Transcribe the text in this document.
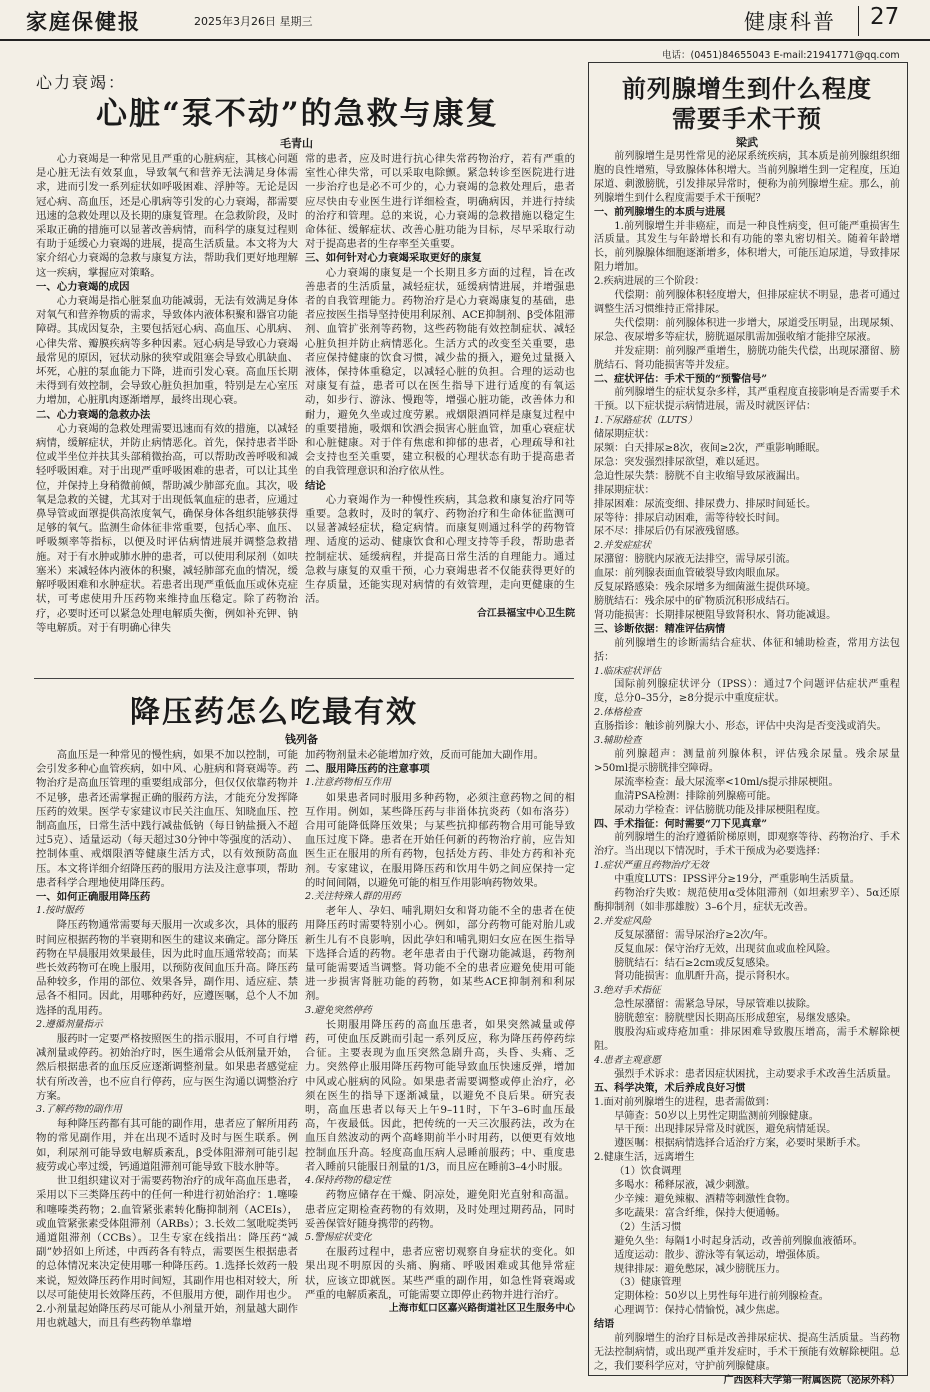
家庭保健报	2025年3月26日 星期三	健康科普 27
电话：(0451)84655043 E-mail:21941771@qq.com
心力衰竭：
心脏“泵不动”的急救与康复
毛青山

心力衰竭是一种常见且严重的心脏病症，其核心问题是心脏无法有效泵血，导致氧气和营养无法满足身体需求，进而引发一系列症状如呼吸困难、浮肿等。无论是因冠心病、高血压，还是心肌病等引发的心力衰竭，都需要迅速的急救处理以及长期的康复管理。在急救阶段，及时采取正确的措施可以显著改善病情，而科学的康复过程则有助于延缓心力衰竭的进展，提高生活质量。本文将为大家介绍心力衰竭的急救与康复方法，帮助我们更好地理解这一疾病，掌握应对策略。

一、心力衰竭的成因

心力衰竭是指心脏泵血功能减弱，无法有效满足身体对氧气和营养物质的需求，导致体内液体积聚和器官功能障碍。其成因复杂，主要包括冠心病、高血压、心肌病、心律失常、瓣膜疾病等多种因素。冠心病是导致心力衰竭最常见的原因，冠状动脉的狭窄或阻塞会导致心肌缺血、坏死，心脏的泵血能力下降，进而引发心衰。高血压长期未得到有效控制，会导致心脏负担加重，特别是左心室压力增加，心脏肌肉逐渐增厚，最终出现心衰。

二、心力衰竭的急救办法

心力衰竭的急救处理需要迅速而有效的措施，以减轻病情，缓解症状，并防止病情恶化。首先，保持患者半卧位或半坐位并扶其头部稍微抬高，可以帮助改善呼吸和减轻呼吸困难。对于出现严重呼吸困难的患者，可以让其坐位，并保持上身稍微前倾，帮助减少肺部充血。其次，吸氧是急救的关键，尤其对于出现低氧血症的患者，应通过鼻导管或面罩提供高浓度氧气，确保身体各组织能够获得足够的氧气。监测生命体征非常重要，包括心率、血压、呼吸频率等指标，以便及时评估病情进展并调整急救措施。对于有水肿或肺水肿的患者，可以使用利尿剂（如呋塞米）来减轻体内液体的积聚，减轻肺部充血的情况，缓解呼吸困难和水肿症状。若患者出现严重低血压或休克症状，可考虑使用升压药物来维持血压稳定。除了药物治疗，必要时还可以紧急处理电解质失衡，例如补充钾、钠等电解质。对于有明确心律失

常的患者，应及时进行抗心律失常药物治疗，若有严重的室性心律失常，可以采取电除颤。紧急转诊至医院进行进一步治疗也是必不可少的，心力衰竭的急救处理后，患者应尽快由专业医生进行详细检查，明确病因，并进行持续的治疗和管理。总的来说，心力衰竭的急救措施以稳定生命体征、缓解症状、改善心脏功能为目标，尽早采取行动对于提高患者的生存率至关重要。

三、如何针对心力衰竭采取更好的康复

心力衰竭的康复是一个长期且多方面的过程，旨在改善患者的生活质量，减轻症状，延缓病情进展，并增强患者的自我管理能力。药物治疗是心力衰竭康复的基础，患者应按医生指导坚持使用利尿剂、ACE抑制剂、β受体阻滞剂、血管扩张剂等药物，这些药物能有效控制症状、减轻心脏负担并防止病情恶化。生活方式的改变至关重要，患者应保持健康的饮食习惯，减少盐的摄入，避免过量摄入液体，保持体重稳定，以减轻心脏的负担。合理的运动也对康复有益，患者可以在医生指导下进行适度的有氧运动，如步行、游泳、慢跑等，增强心脏功能，改善体力和耐力，避免久坐或过度劳累。戒烟限酒同样是康复过程中的重要措施，吸烟和饮酒会损害心脏血管，加重心衰症状和心脏健康。对于伴有焦虑和抑郁的患者，心理疏导和社会支持也至关重要，建立积极的心理状态有助于提高患者的自我管理意识和治疗依从性。

结论

心力衰竭作为一种慢性疾病，其急救和康复治疗同等重要。急救时，及时的氧疗、药物治疗和生命体征监测可以显著减轻症状，稳定病情。而康复则通过科学的药物管理、适度的运动、健康饮食和心理支持等手段，帮助患者控制症状、延缓病程，并提高日常生活的自理能力。通过急救与康复的双重干预，心力衰竭患者不仅能获得更好的生存质量，还能实现对病情的有效管理，走向更健康的生活。

合江县福宝中心卫生院

降压药怎么吃最有效
钱列备

高血压是一种常见的慢性病，如果不加以控制，可能会引发多种心血管疾病，如中风、心脏病和肾衰竭等。药物治疗是高血压管理的重要组成部分，但仅仅依靠药物并不足够，患者还需掌握正确的服药方法，才能充分发挥降压药的效果。医学专家建议市民关注血压、知晓血压、控制高血压，日常生活中践行减盐低钠（每日钠盐摄入不超过5克）、适量运动（每天超过30分钟中等强度的活动）、控制体重、戒烟限酒等健康生活方式，以有效预防高血压。本文将详细介绍降压药的服用方法及注意事项，帮助患者科学合理地使用降压药。

一、如何正确服用降压药

1.按时服药

降压药物通常需要每天服用一次或多次，具体的服药时间应根据药物的半衰期和医生的建议来确定。部分降压药物在早晨服用效果最佳，因为此时血压通常较高；而某些长效药物可在晚上服用，以预防夜间血压升高。降压药品种较多，作用的部位、效果各异，副作用、适应症、禁忌各不相同。因此，用哪种药好，应遵医嘱，总个人不加选择的乱用药。

2.遵循剂量指示

服药时一定要严格按照医生的指示服用，不可自行增减剂量或停药。初始治疗时，医生通常会从低剂量开始，然后根据患者的血压反应逐渐调整剂量。如果患者感觉症状有所改善，也不应自行停药，应与医生沟通以调整治疗方案。

3.了解药物的副作用

每种降压药都有其可能的副作用，患者应了解所用药物的常见副作用，并在出现不适时及时与医生联系。例如，利尿剂可能导致电解质紊乱，β受体阻滞剂可能引起疲劳或心率过缓，钙通道阻滞剂可能导致下肢水肿等。

世卫组织建议对于需要药物治疗的成年高血压患者，采用以下三类降压药中的任何一种进行初始治疗：1.噻嗪和噻嗪类药物；2.血管紧张素转化酶抑制剂（ACEIs），或血管紧张素受体阻滞剂（ARBs）；3.长效二氢吡啶类钙通道阻滞剂（CCBs）。卫生专家在线指出：降压药“减副”妙招如上所述，中西药各有特点，需要医生根据患者的总体情况来决定使用哪一种降压药。1.选择长效药一般来说，短效降压药作用时间短，其副作用也相对较大，所以尽可能使用长效降压药，不但服用方便，副作用也少。2.小剂量起始降压药尽可能从小剂量开始，剂量越大副作用也就越大，而且有些药物单靠增

加药物剂量未必能增加疗效，反而可能加大副作用。

二、服用降压药的注意事项

1.注意药物相互作用

如果患者同时服用多种药物，必须注意药物之间的相互作用。例如，某些降压药与非甾体抗炎药（如布洛芬）合用可能降低降压效果；与某些抗抑郁药物合用可能导致血压过度下降。患者在开始任何新的药物治疗前，应告知医生正在服用的所有药物，包括处方药、非处方药和补充剂。专家建议，在服用降压药和饮用牛奶之间应保持一定的时间间隔，以避免可能的相互作用影响药物效果。

2.关注特殊人群的用药

老年人、孕妇、哺乳期妇女和肾功能不全的患者在使用降压药时需要特别小心。例如，部分药物可能对胎儿或新生儿有不良影响，因此孕妇和哺乳期妇女应在医生指导下选择合适的药物。老年患者由于代谢功能减退，药物剂量可能需要适当调整。肾功能不全的患者应避免使用可能进一步损害肾脏功能的药物，如某些ACE抑制剂和利尿剂。

3.避免突然停药

长期服用降压药的高血压患者，如果突然减量或停药，可使血压反跳而引起一系列反应，称为降压药停药综合征。主要表现为血压突然急剧升高，头昏、头痛、乏力。突然停止服用降压药物可能导致血压快速反弹，增加中风或心脏病的风险。如果患者需要调整或停止治疗，必须在医生的指导下逐渐减量，以避免不良后果。研究表明，高血压患者以每天上午9–11时，下午3–6时血压最高，午夜最低。因此，把传统的一天三次服药法，改为在血压自然波动的两个高峰期前半小时用药，以便更有效地控制血压升高。轻度高血压病人忌睡前服药；中、重度患者入睡前只能服日剂量的1/3，而且应在睡前3–4小时服。

4.保持药物的稳定性

药物应储存在干燥、阴凉处，避免阳光直射和高温。患者应定期检查药物的有效期，及时处理过期药品，同时妥善保管好随身携带的药物。

5.警惕症状变化

在服药过程中，患者应密切观察自身症状的变化。如果出现不明原因的头痛、胸痛、呼吸困难或其他异常症状，应该立即就医。某些严重的副作用，如急性肾衰竭或严重的电解质紊乱，可能需要立即停止药物并进行治疗。

上海市虹口区嘉兴路街道社区卫生服务中心

前列腺增生到什么程度
需要手术干预
梁武

前列腺增生是男性常见的泌尿系统疾病，其本质是前列腺组织细胞的良性增殖，导致腺体体积增大。当前列腺增生到一定程度，压迫尿道、刺激膀胱，引发排尿异常时，便称为前列腺增生症。那么，前列腺增生到什么程度需要手术干预呢？

一、前列腺增生的本质与进展

1.前列腺增生并非癌症，而是一种良性病变，但可能严重损害生活质量。其发生与年龄增长和有功能的睾丸密切相关。随着年龄增长，前列腺腺体细胞逐渐增多，体积增大，可能压迫尿道，导致排尿阻力增加。

2.疾病进展的三个阶段：

代偿期：前列腺体积轻度增大，但排尿症状不明显，患者可通过调整生活习惯维持正常排尿。

失代偿期：前列腺体积进一步增大，尿道受压明显，出现尿频、尿急、夜尿增多等症状，膀胱逼尿肌需加强收缩才能排空尿液。

并发症期：前列腺严重增生，膀胱功能失代偿，出现尿潴留、膀胱结石、肾功能损害等并发症。

二、症状评估：手术干预的“预警信号”

前列腺增生的症状复杂多样，其严重程度直接影响是否需要手术干预。以下症状提示病情进展，需及时就医评估：

1.下尿路症状（LUTS）

储尿期症状：

尿频：白天排尿≥8次，夜间≥2次，严重影响睡眠。

尿急：突发强烈排尿欲望，难以延迟。

急迫性尿失禁：膀胱不自主收缩导致尿液漏出。

排尿期症状：

排尿困难：尿流变细、排尿费力、排尿时间延长。

尿等待：排尿启动困难，需等待较长时间。

尿不尽：排尿后仍有尿液残留感。

2.并发症症状

尿潴留：膀胱内尿液无法排空，需导尿引流。

血尿：前列腺表面血管破裂导致肉眼血尿。

反复尿路感染：残余尿增多为细菌滋生提供环境。

膀胱结石：残余尿中的矿物质沉积形成结石。

肾功能损害：长期排尿梗阻导致肾积水、肾功能减退。

三、诊断依据：精准评估病情

前列腺增生的诊断需结合症状、体征和辅助检查，常用方法包括：

1.临床症状评估

国际前列腺症状评分（IPSS）：通过7个问题评估症状严重程度，总分0–35分，≥8分提示中重度症状。

2.体格检查

直肠指诊：触诊前列腺大小、形态，评估中央沟是否变浅或消失。

3.辅助检查

前列腺超声：测量前列腺体积，评估残余尿量。残余尿量>50ml提示膀胱排空障碍。

尿流率检查：最大尿流率<10ml/s提示排尿梗阻。

血清PSA检测：排除前列腺癌可能。

尿动力学检查：评估膀胱功能及排尿梗阻程度。

四、手术指征：何时需要“刀下见真章”

前列腺增生的治疗遵循阶梯原则，即观察等待、药物治疗、手术治疗。当出现以下情况时，手术干预成为必要选择：

1.症状严重且药物治疗无效

中重度LUTS：IPSS评分≥19分，严重影响生活质量。

药物治疗失败：规范使用α受体阻滞剂（如坦索罗辛）、5α还原酶抑制剂（如非那雄胺）3–6个月，症状无改善。

2.并发症风险

反复尿潴留：需导尿治疗≥2次/年。

反复血尿：保守治疗无效，出现贫血或血栓风险。

膀胱结石：结石≥2cm或反复感染。

肾功能损害：血肌酐升高，提示肾积水。

3.绝对手术指征

急性尿潴留：需紧急导尿，导尿管难以拔除。

膀胱憩室：膀胱壁因长期高压形成憩室，易继发感染。

腹股沟疝或痔疮加重：排尿困难导致腹压增高，需手术解除梗阻。

4.患者主观意愿

强烈手术诉求：患者因症状困扰，主动要求手术改善生活质量。

五、科学决策，术后养成良好习惯

1.面对前列腺增生的进程，患者需做到：

早筛查：50岁以上男性定期监测前列腺健康。

早干预：出现排尿异常及时就医，避免病情延误。

遵医嘱：根据病情选择合适治疗方案，必要时果断手术。

2.健康生活，远离增生

（1）饮食调理

多喝水：稀释尿液，减少刺激。

少辛辣：避免辣椒、酒精等刺激性食物。

多吃蔬果：富含纤维，保持大便通畅。

（2）生活习惯

避免久坐：每隔1小时起身活动，改善前列腺血液循环。

适度运动：散步、游泳等有氧运动，增强体质。

规律排尿：避免憋尿，减少膀胱压力。

（3）健康管理

定期体检：50岁以上男性每年进行前列腺检查。

心理调节：保持心情愉悦，减少焦虑。

结语

前列腺增生的治疗目标是改善排尿症状、提高生活质量。当药物无法控制病情，或出现严重并发症时，手术干预能有效解除梗阻。总之，我们要科学应对，守护前列腺健康。

广西医科大学第一附属医院（泌尿外科）
